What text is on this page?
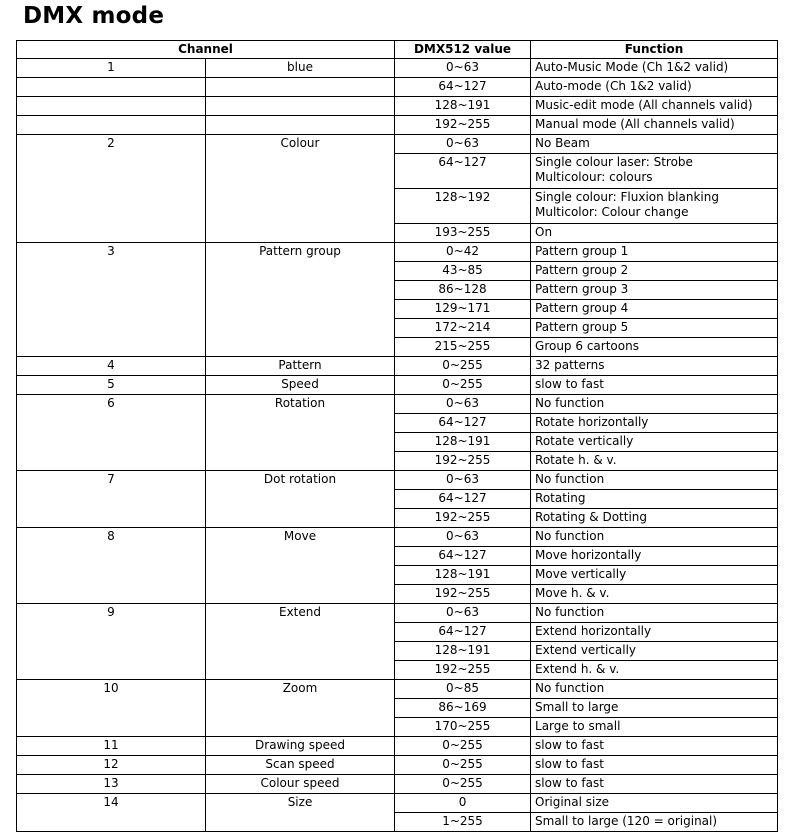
DMX mode
Channel		DMX512 value	Function
1	blue	0~63	Auto-Music Mode (Ch 1&2 valid)
		64~127	Auto-mode (Ch 1&2 valid)
		128~191	Music-edit mode (All channels valid)
		192~255	Manual mode (All channels valid)
2	Colour	0~63	No Beam
		64~127	Single colour laser: Strobe
Multicolour: colours
		128~192	Single colour: Fluxion blanking
Multicolor: Colour change
		193~255	On
3	Pattern group	0~42	Pattern group 1
		43~85	Pattern group 2
		86~128	Pattern group 3
		129~171	Pattern group 4
		172~214	Pattern group 5
		215~255	Group 6 cartoons
4	Pattern	0~255	32 patterns
5	Speed	0~255	slow to fast
6	Rotation	0~63	No function
		64~127	Rotate horizontally
		128~191	Rotate vertically
		192~255	Rotate h. & v.
7	Dot rotation	0~63	No function
		64~127	Rotating
		192~255	Rotating & Dotting
8	Move	0~63	No function
		64~127	Move horizontally
		128~191	Move vertically
		192~255	Move h. & v.
9	Extend	0~63	No function
		64~127	Extend horizontally
		128~191	Extend vertically
		192~255	Extend h. & v.
10	Zoom	0~85	No function
		86~169	Small to large
		170~255	Large to small
11	Drawing speed	0~255	slow to fast
12	Scan speed	0~255	slow to fast
13	Colour speed	0~255	slow to fast
14	Size	0	Original size
		1~255	Small to large (120 = original)
